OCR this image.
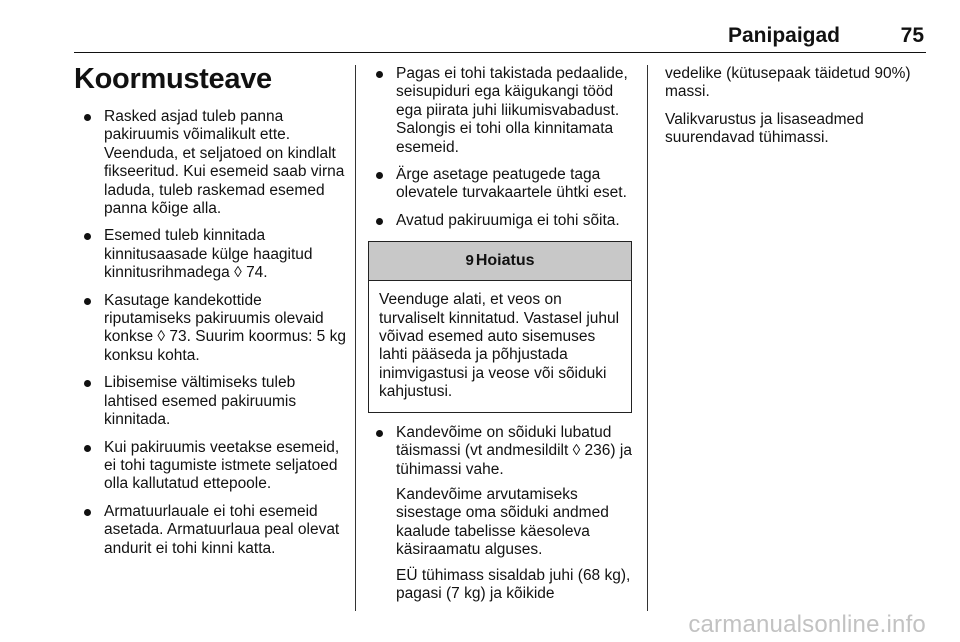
Panipaigad	75
Koormusteave
Rasked asjad tuleb panna pakiruumis võimalikult ette. Veenduda, et seljatoed on kindlalt fikseeritud. Kui esemeid saab virna laduda, tuleb raskemad esemed panna kõige alla.
Esemed tuleb kinnitada kinnitusaasade külge haagitud kinnitusrihmadega ◊ 74.
Kasutage kandekottide riputamiseks pakiruumis olevaid konkse ◊ 73. Suurim koormus: 5 kg konksu kohta.
Libisemise vältimiseks tuleb lahtised esemed pakiruumis kinnitada.
Kui pakiruumis veetakse esemeid, ei tohi tagumiste istmete seljatoed olla kallutatud ettepoole.
Armatuurlauale ei tohi esemeid asetada. Armatuurlaua peal olevat andurit ei tohi kinni katta.
Pagas ei tohi takistada pedaalide, seisupiduri ega käigukangi tööd ega piirata juhi liikumisvabadust. Salongis ei tohi olla kinnitamata esemeid.
Ärge asetage peatugede taga olevatele turvakaartele ühtki eset.
Avatud pakiruumiga ei tohi sõita.
9 Hoiatus
Veenduge alati, et veos on turvaliselt kinnitatud. Vastasel juhul võivad esemed auto sisemuses lahti pääseda ja põhjustada inimvigastusi ja veose või sõiduki kahjustusi.
Kandevõime on sõiduki lubatud täismassi (vt andmesildilt ◊ 236) ja tühimassi vahe.
Kandevõime arvutamiseks sisestage oma sõiduki andmed kaalude tabelisse käesoleva käsiraamatu alguses.
EÜ tühimass sisaldab juhi (68 kg), pagasi (7 kg) ja kõikide
vedelike (kütusepaak täidetud 90%) massi.
Valikvarustus ja lisaseadmed suurendavad tühimassi.
carmanualsonline.info
